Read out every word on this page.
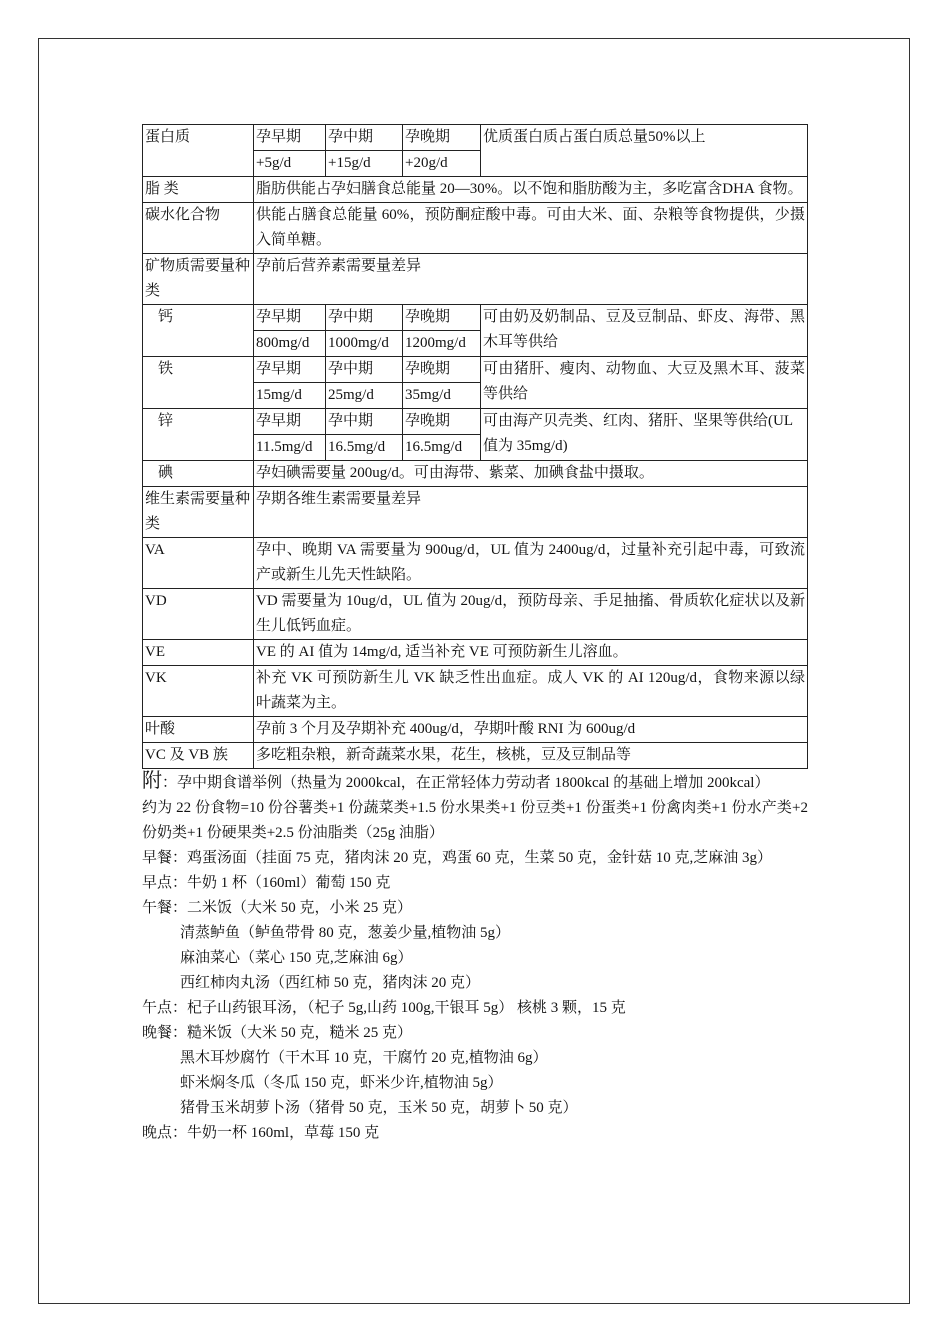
蛋白质	孕早期	孕中期	孕晚期	优质蛋白质占蛋白质总量50%以上
	+5g/d	+15g/d	+20g/d	
脂 类	脂肪供能占孕妇膳食总能量 20—30%。以不饱和脂肪酸为主，多吃富含DHA 食物。			
碳水化合物	供能占膳食总能量 60%，预防酮症酸中毒。可由大米、面、杂粮等食物提供，少摄入简单糖。			
矿物质需要量种类	孕前后营养素需要量差异			
钙	孕早期	孕中期	孕晚期	可由奶及奶制品、豆及豆制品、虾皮、海带、黑木耳等供给
	800mg/d	1000mg/d	1200mg/d	
铁	孕早期	孕中期	孕晚期	可由猪肝、瘦肉、动物血、大豆及黑木耳、菠菜等供给
	15mg/d	25mg/d	35mg/d	
锌	孕早期	孕中期	孕晚期	可由海产贝壳类、红肉、猪肝、坚果等供给(UL 值为 35mg/d)
	11.5mg/d	16.5mg/d	16.5mg/d	
碘	孕妇碘需要量 200ug/d。可由海带、紫菜、加碘食盐中摄取。			
维生素需要量种类	孕期各维生素需要量差异			
VA	孕中、晚期 VA 需要量为 900ug/d，UL 值为 2400ug/d，过量补充引起中毒，可致流产或新生儿先天性缺陷。			
VD	VD 需要量为 10ug/d，UL 值为 20ug/d，预防母亲、手足抽搐、骨质软化症状以及新生儿低钙血症。			
VE	VE 的 AI 值为 14mg/d, 适当补充 VE 可预防新生儿溶血。			
VK	补充 VK 可预防新生儿 VK 缺乏性出血症。成人 VK 的 AI 120ug/d，食物来源以绿叶蔬菜为主。			
叶酸	孕前 3 个月及孕期补充 400ug/d，孕期叶酸 RNI 为 600ug/d			
VC 及 VB 族	多吃粗杂粮，新奇蔬菜水果，花生，核桃，豆及豆制品等			

附：孕中期食谱举例（热量为 2000kcal，在正常轻体力劳动者 1800kcal 的基础上增加 200kcal）

约为 22 份食物=10 份谷薯类+1 份蔬菜类+1.5 份水果类+1 份豆类+1 份蛋类+1 份禽肉类+1 份水产类+2 份奶类+1 份硬果类+2.5 份油脂类（25g 油脂）

早餐：鸡蛋汤面（挂面 75 克，猪肉沫 20 克，鸡蛋 60 克，生菜 50 克，金针菇 10 克,芝麻油 3g）

早点：牛奶 1 杯（160ml）葡萄 150 克

午餐：二米饭（大米 50 克，小米 25 克）

清蒸鲈鱼（鲈鱼带骨 80 克，葱姜少量,植物油 5g）

麻油菜心（菜心 150 克,芝麻油 6g）

西红柿肉丸汤（西红柿 50 克，猪肉沫 20 克）

午点：杞子山药银耳汤，（杞子 5g,山药 100g,干银耳 5g） 核桃 3 颗，15 克

晚餐：糙米饭（大米 50 克，糙米 25 克）

黑木耳炒腐竹（干木耳 10 克，干腐竹 20 克,植物油 6g）

虾米焖冬瓜（冬瓜 150 克，虾米少许,植物油 5g）

猪骨玉米胡萝卜汤（猪骨 50 克，玉米 50 克，胡萝卜 50 克）

晚点：牛奶一杯 160ml，草莓 150 克
